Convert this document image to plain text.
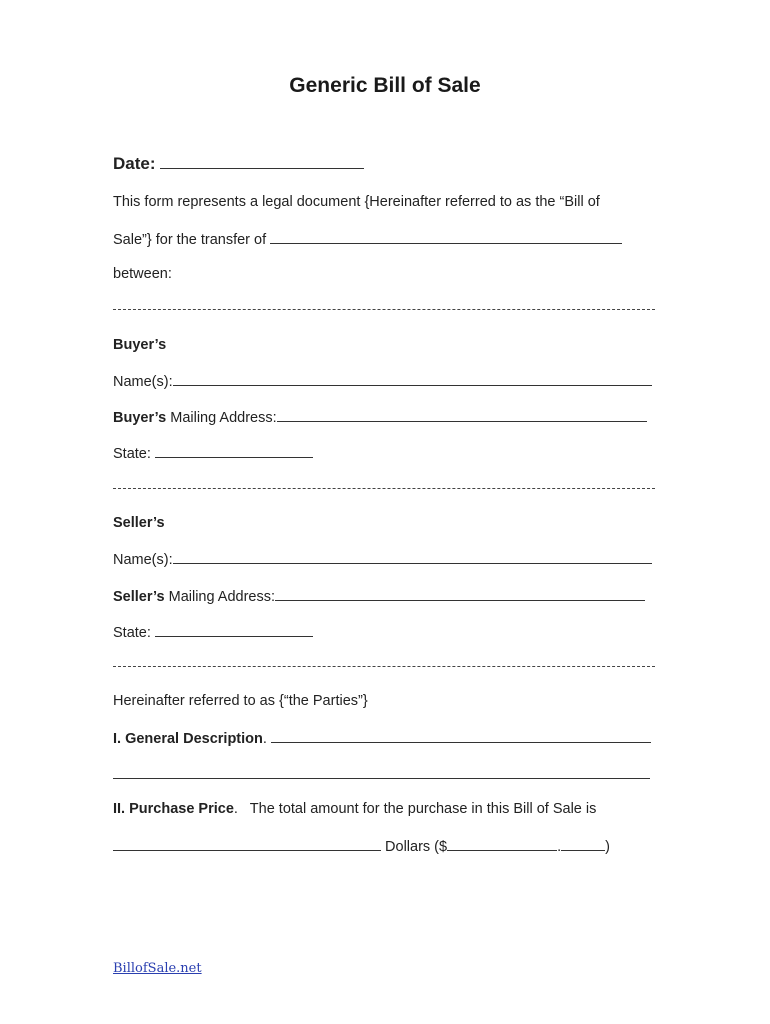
Generic Bill of Sale
Date:
This form represents a legal document {Hereinafter referred to as the “Bill of
Sale”} for the transfer of
between:
Buyer’s
Name(s):
Buyer’s Mailing Address:
State:
Seller’s
Name(s):
Seller’s Mailing Address:
State:
Hereinafter referred to as {“the Parties”}
I. General Description.
II. Purchase Price.   The total amount for the purchase in this Bill of Sale is
Dollars ($	.	)
BillofSale.net
